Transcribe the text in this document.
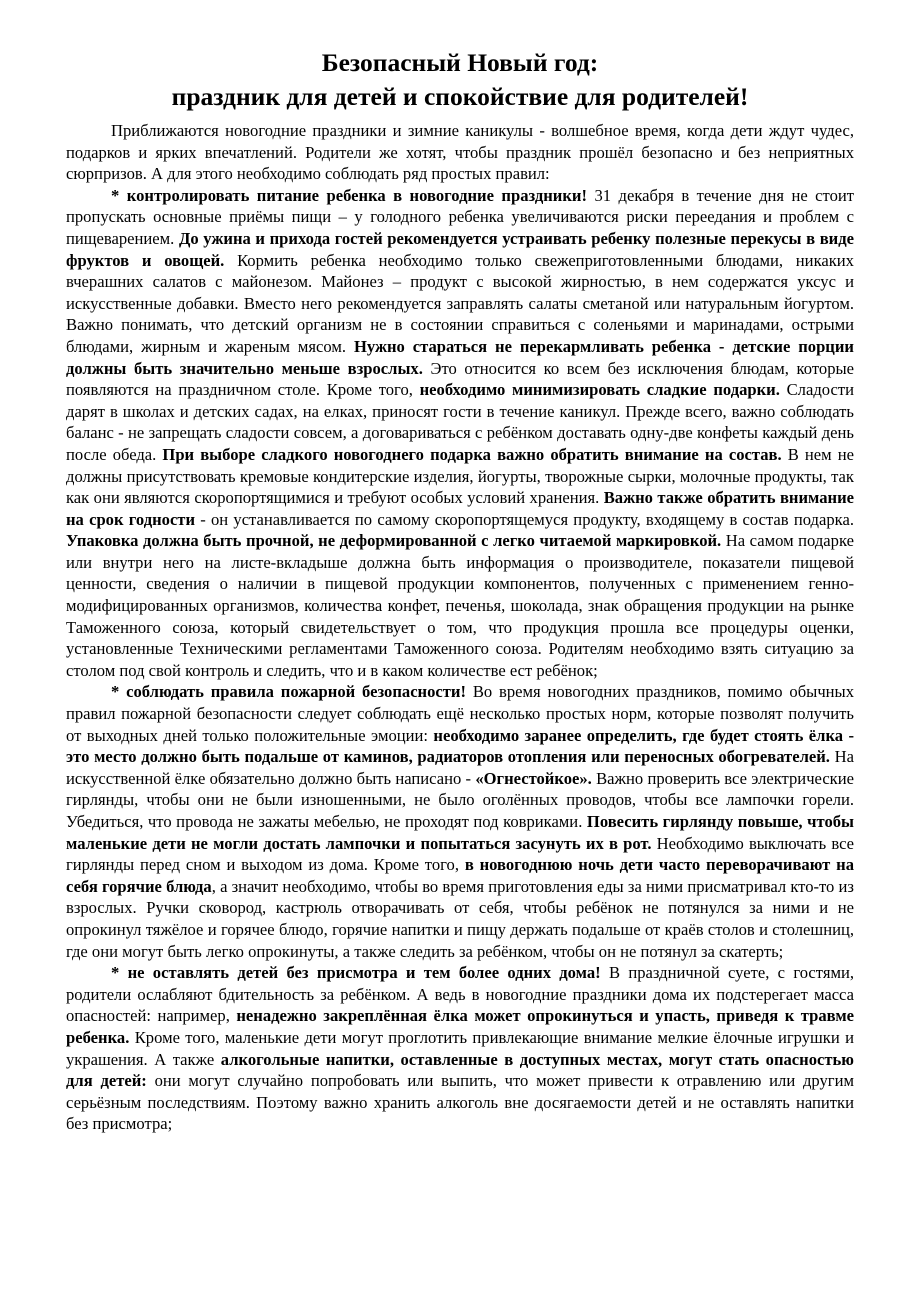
Безопасный Новый год:
праздник для детей и спокойствие для родителей!

Приближаются новогодние праздники и зимние каникулы - волшебное время, когда дети ждут чудес, подарков и ярких впечатлений. Родители же хотят, чтобы праздник прошёл безопасно и без неприятных сюрпризов. А для этого необходимо соблюдать ряд простых правил:

* контролировать питание ребенка в новогодние праздники! 31 декабря в течение дня не стоит пропускать основные приёмы пищи – у голодного ребенка увеличиваются риски переедания и проблем с пищеварением. До ужина и прихода гостей рекомендуется устраивать ребенку полезные перекусы в виде фруктов и овощей. Кормить ребенка необходимо только свежеприготовленными блюдами, никаких вчерашних салатов с майонезом. Майонез – продукт с высокой жирностью, в нем содержатся уксус и искусственные добавки. Вместо него рекомендуется заправлять салаты сметаной или натуральным йогуртом. Важно понимать, что детский организм не в состоянии справиться с соленьями и маринадами, острыми блюдами, жирным и жареным мясом. Нужно стараться не перекармливать ребенка - детские порции должны быть значительно меньше взрослых. Это относится ко всем без исключения блюдам, которые появляются на праздничном столе. Кроме того, необходимо минимизировать сладкие подарки. Сладости дарят в школах и детских садах, на елках, приносят гости в течение каникул. Прежде всего, важно соблюдать баланс - не запрещать сладости совсем, а договариваться с ребёнком доставать одну-две конфеты каждый день после обеда. При выборе сладкого новогоднего подарка важно обратить внимание на состав. В нем не должны присутствовать кремовые кондитерские изделия, йогурты, творожные сырки, молочные продукты, так как они являются скоропортящимися и требуют особых условий хранения. Важно также обратить внимание на срок годности - он устанавливается по самому скоропортящемуся продукту, входящему в состав подарка. Упаковка должна быть прочной, не деформированной с легко читаемой маркировкой. На самом подарке или внутри него на листе-вкладыше должна быть информация о производителе, показатели пищевой ценности, сведения о наличии в пищевой продукции компонентов, полученных с применением генно-модифицированных организмов, количества конфет, печенья, шоколада, знак обращения продукции на рынке Таможенного союза, который свидетельствует о том, что продукция прошла все процедуры оценки, установленные Техническими регламентами Таможенного союза. Родителям необходимо взять ситуацию за столом под свой контроль и следить, что и в каком количестве ест ребёнок;

* соблюдать правила пожарной безопасности! Во время новогодних праздников, помимо обычных правил пожарной безопасности следует соблюдать ещё несколько простых норм, которые позволят получить от выходных дней только положительные эмоции: необходимо заранее определить, где будет стоять ёлка - это место должно быть подальше от каминов, радиаторов отопления или переносных обогревателей. На искусственной ёлке обязательно должно быть написано - «Огнестойкое». Важно проверить все электрические гирлянды, чтобы они не были изношенными, не было оголённых проводов, чтобы все лампочки горели. Убедиться, что провода не зажаты мебелью, не проходят под ковриками. Повесить гирлянду повыше, чтобы маленькие дети не могли достать лампочки и попытаться засунуть их в рот. Необходимо выключать все гирлянды перед сном и выходом из дома. Кроме того, в новогоднюю ночь дети часто переворачивают на себя горячие блюда, а значит необходимо, чтобы во время приготовления еды за ними присматривал кто-то из взрослых. Ручки сковород, кастрюль отворачивать от себя, чтобы ребёнок не потянулся за ними и не опрокинул тяжёлое и горячее блюдо, горячие напитки и пищу держать подальше от краёв столов и столешниц, где они могут быть легко опрокинуты, а также следить за ребёнком, чтобы он не потянул за скатерть;

* не оставлять детей без присмотра и тем более одних дома! В праздничной суете, с гостями, родители ослабляют бдительность за ребёнком. А ведь в новогодние праздники дома их подстерегает масса опасностей: например, ненадежно закреплённая ёлка может опрокинуться и упасть, приведя к травме ребенка. Кроме того, маленькие дети могут проглотить привлекающие внимание мелкие ёлочные игрушки и украшения. А также алкогольные напитки, оставленные в доступных местах, могут стать опасностью для детей: они могут случайно попробовать или выпить, что может привести к отравлению или другим серьёзным последствиям. Поэтому важно хранить алкоголь вне досягаемости детей и не оставлять напитки без присмотра;
